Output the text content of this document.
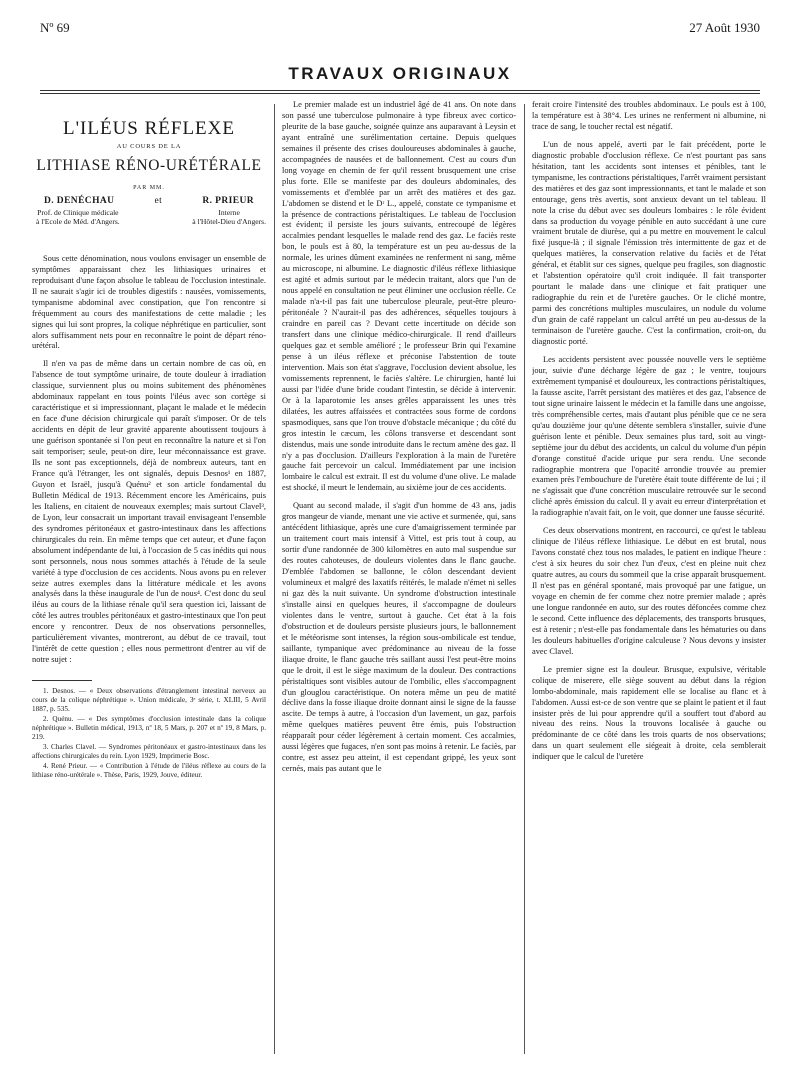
Nº 69	27 Août 1930
TRAVAUX ORIGINAUX
L'ILÉUS RÉFLEXE
AU COURS DE LA
LITHIASE RÉNO-URÉTÉRALE
PAR MM.
D. DENÉCHAU	et	R. PRIEUR
Prof. de Clinique médicale
à l'Ecole de Méd. d'Angers.
Interne
à l'Hôtel-Dieu d'Angers.

Sous cette dénomination, nous voulons envisager un ensemble de symptômes apparaissant chez les lithiasiques urinaires et reproduisant d'une façon absolue le tableau de l'occlusion intestinale. Il ne saurait s'agir ici de troubles digestifs : nausées, vomissements, tympanisme abdominal avec constipation, que l'on rencontre si fréquemment au cours des manifestations de cette maladie ; les signes qui lui sont propres, la colique néphrétique en particulier, sont alors suffisamment nets pour en reconnaître le point de départ réno-urétéral.

Il n'en va pas de même dans un certain nombre de cas où, en l'absence de tout symptôme urinaire, de toute douleur à irradiation classique, surviennent plus ou moins subitement des phénomènes abdominaux rappelant en tous points l'iléus avec son cortège si caractéristique et si impressionnant, plaçant le malade et le médecin en face d'une décision chirurgicale qui paraît s'imposer. Or de tels accidents en dépit de leur gravité apparente aboutissent toujours à une guérison spontanée si l'on peut en reconnaître la nature et si l'on sait temporiser; seule, peut-on dire, leur méconnaissance est grave. Ils ne sont pas exceptionnels, déjà de nombreux auteurs, tant en France qu'à l'étranger, les ont signalés, depuis Desnos¹ en 1887, Guyon et Israël, jusqu'à Quénu² et son article fondamental du Bulletin Médical de 1913. Récemment encore les Américains, puis les Italiens, en citaient de nouveaux exemples; mais surtout Clavel³, de Lyon, leur consacrait un important travail envisageant l'ensemble des syndromes péritonéaux et gastro-intestinaux dans les affections chirurgicales du rein. En même temps que cet auteur, et d'une façon absolument indépendante de lui, à l'occasion de 5 cas inédits qui nous sont personnels, nous nous sommes attachés à l'étude de la seule variété à type d'occlusion de ces accidents. Nous avons pu en relever seize autres exemples dans la littérature médicale et les avons analysés dans la thèse inaugurale de l'un de nous⁴. C'est donc du seul iléus au cours de la lithiase rénale qu'il sera question ici, laissant de côté les autres troubles péritonéaux et gastro-intestinaux que l'on peut encore y rencontrer. Deux de nos observations personnelles, particulièrement vivantes, montreront, au début de ce travail, tout l'intérêt de cette question ; elles nous permettront d'entrer au vif de notre sujet :

1. Desnos. — « Deux observations d'étranglement intestinal nerveux au cours de la colique néphrétique ». Union médicale, 3ᵉ série, t. XLIII, 5 Avril 1887, p. 535.
2. Quénu. — « Des symptômes d'occlusion intestinale dans la colique néphrétique ». Bulletin médical, 1913, nº 18, 5 Mars, p. 207 et nº 19, 8 Mars, p. 219.
3. Charles Clavel. — Syndromes péritonéaux et gastro-intestinaux dans les affections chirurgicales du rein. Lyon 1929, Imprimerie Bosc.
4. René Prieur. — « Contribution à l'étude de l'iléus réflexe au cours de la lithiase réno-urétérale ». Thèse, Paris, 1929, Jouve, éditeur.

Le premier malade est un industriel âgé de 41 ans. On note dans son passé une tuberculose pulmonaire à type fibreux avec cortico-pleurite de la base gauche, soignée quinze ans auparavant à Leysin et ayant entraîné une surélimentation certaine. Depuis quelques semaines il présente des crises douloureuses abdominales à gauche, accompagnées de nausées et de ballonnement. C'est au cours d'un long voyage en chemin de fer qu'il ressent brusquement une crise plus forte. Elle se manifeste par des douleurs abdominales, des vomissements et d'emblée par un arrêt des matières et des gaz. L'abdomen se distend et le Dʳ L., appelé, constate ce tympanisme et la présence de contractions péristaltiques. Le tableau de l'occlusion est évident; il persiste les jours suivants, entrecoupé de légères accalmies pendant lesquelles le malade rend des gaz. Le faciès reste bon, le pouls est à 80, la température est un peu au-dessus de la normale, les urines dûment examinées ne renferment ni sang, même au microscope, ni albumine. Le diagnostic d'iléus réflexe lithiasique est agité et admis surtout par le médecin traitant, alors que l'un de nous appelé en consultation ne peut éliminer une occlusion réelle. Ce malade n'a-t-il pas fait une tuberculose pleurale, peut-être pleuro-péritonéale ? N'aurait-il pas des adhérences, séquelles toujours à craindre en pareil cas ? Devant cette incertitude on décide son transfert dans une clinique médico-chirurgicale. Il rend d'ailleurs quelques gaz et semble amélioré ; le professeur Brin qui l'examine pense à un iléus réflexe et préconise l'abstention de toute intervention. Mais son état s'aggrave, l'occlusion devient absolue, les vomissements reprennent, le faciès s'altère. Le chirurgien, hanté lui aussi par l'idée d'une bride coudant l'intestin, se décide à intervenir. Or à la laparotomie les anses grêles apparaissent les unes très dilatées, les autres affaissées et contractées sous forme de cordons spasmodiques, sans que l'on trouve d'obstacle mécanique ; du côté du gros intestin le cæcum, les côlons transverse et descendant sont distendus, mais une sonde introduite dans le rectum amène des gaz. Il n'y a pas d'occlusion. D'ailleurs l'exploration à la main de l'uretère gauche fait percevoir un calcul. Immédiatement par une incision lombaire le calcul est extrait. Il est du volume d'une olive. Le malade est shocké, il meurt le lendemain, au sixième jour de ces accidents.

Quant au second malade, il s'agit d'un homme de 43 ans, jadis gros mangeur de viande, menant une vie active et surmenée, qui, sans antécédent lithiasique, après une cure d'amaigrissement terminée par un traitement court mais intensif à Vittel, est pris tout à coup, au sortir d'une randonnée de 300 kilomètres en auto mal suspendue sur des routes cahoteuses, de douleurs violentes dans le flanc gauche. D'emblée l'abdomen se ballonne, le côlon descendant devient volumineux et malgré des laxatifs réitérés, le malade n'émet ni selles ni gaz dès la nuit suivante. Un syndrome d'obstruction intestinale s'installe ainsi en quelques heures, il s'accompagne de douleurs violentes dans le ventre, surtout à gauche. Cet état à la fois d'obstruction et de douleurs persiste plusieurs jours, le ballonnement et le météorisme sont intenses, la région sous-ombilicale est tendue, saillante, tympanique avec prédominance au niveau de la fosse iliaque droite, le flanc gauche très saillant aussi l'est peut-être moins que le droit, il est le siège maximum de la douleur. Des contractions péristaltiques sont visibles autour de l'ombilic, elles s'accompagnent d'un glouglou caractéristique. On notera même un peu de matité déclive dans la fosse iliaque droite donnant ainsi le signe de la fausse ascite. De temps à autre, à l'occasion d'un lavement, un gaz, parfois même quelques matières peuvent être émis, puis l'obstruction réapparaît pour céder légèrement à certain moment. Ces accalmies, aussi légères que fugaces, n'en sont pas moins à retenir. Le faciès, par contre, est assez peu atteint, il est cependant grippé, les yeux sont cernés, mais pas autant que le

ferait croire l'intensité des troubles abdominaux. Le pouls est à 100, la température est à 38°4. Les urines ne renferment ni albumine, ni trace de sang, le toucher rectal est négatif.

L'un de nous appelé, averti par le fait précédent, porte le diagnostic probable d'occlusion réflexe. Ce n'est pourtant pas sans hésitation, tant les accidents sont intenses et pénibles, tant le tympanisme, les contractions péristaltiques, l'arrêt vraiment persistant des matières et des gaz sont impressionnants, et tant le malade et son entourage, gens très avertis, sont anxieux devant un tel tableau. Il note la crise du début avec ses douleurs lombaires : le rôle évident dans sa production du voyage pénible en auto succédant à une cure vraiment brutale de diurèse, qui a pu mettre en mouvement le calcul fixé jusque-là ; il signale l'émission très intermittente de gaz et de quelques matières, la conservation relative du faciès et de l'état général, et établit sur ces signes, quelque peu fragiles, son diagnostic et l'abstention opératoire qu'il croit indiquée. Il fait transporter pourtant le malade dans une clinique et fait pratiquer une radiographie du rein et de l'uretère gauches. Or le cliché montre, parmi des concrétions multiples musculaires, un nodule du volume d'un grain de café rappelant un calcul arrêté un peu au-dessus de la terminaison de l'uretère gauche. C'est la confirmation, croit-on, du diagnostic porté.

Les accidents persistent avec poussée nouvelle vers le septième jour, suivie d'une décharge légère de gaz ; le ventre, toujours extrêmement tympanisé et douloureux, les contractions péristaltiques, la fausse ascite, l'arrêt persistant des matières et des gaz, l'absence de tout signe urinaire laissent le médecin et la famille dans une angoisse, très compréhensible certes, mais d'autant plus pénible que ce ne sera qu'au douzième jour qu'une détente semblera s'installer, suivie d'une guérison lente et pénible. Deux semaines plus tard, soit au vingt-septième jour du début des accidents, un calcul du volume d'un pépin d'orange constitué d'acide urique pur sera rendu. Une seconde radiographie montrera que l'opacité arrondie trouvée au premier examen près l'embouchure de l'uretère était toute différente de lui ; il ne s'agissait que d'une concrétion musculaire retrouvée sur le second cliché après émission du calcul. Il y avait eu erreur d'interprétation et la radiographie n'avait fait, on le voit, que donner une fausse sécurité.

Ces deux observations montrent, en raccourci, ce qu'est le tableau clinique de l'iléus réflexe lithiasique. Le début en est brutal, nous l'avons constaté chez tous nos malades, le patient en indique l'heure : c'est à six heures du soir chez l'un d'eux, c'est en pleine nuit chez quatre autres, au cours du sommeil que la crise apparaît brusquement. Il n'est pas en général spontané, mais provoqué par une fatigue, un voyage en chemin de fer comme chez notre premier malade ; après une longue randonnée en auto, sur des routes défoncées comme chez le second. Cette influence des déplacements, des transports brusques, est à retenir ; n'est-elle pas fondamentale dans les hématuries ou dans les douleurs habituelles d'origine calculeuse ? Nous devons y insister avec Clavel.

Le premier signe est la douleur. Brusque, expulsive, véritable colique de miserere, elle siège souvent au début dans la région lombo-abdominale, mais rapidement elle se localise au flanc et à l'abdomen. Aussi est-ce de son ventre que se plaint le patient et il faut insister près de lui pour apprendre qu'il a souffert tout d'abord au niveau des reins. Nous la trouvons localisée à gauche ou prédominante de ce côté dans les trois quarts de nos observations; dans un quart seulement elle siégeait à droite, cela semblerait indiquer que le calcul de l'uretère
